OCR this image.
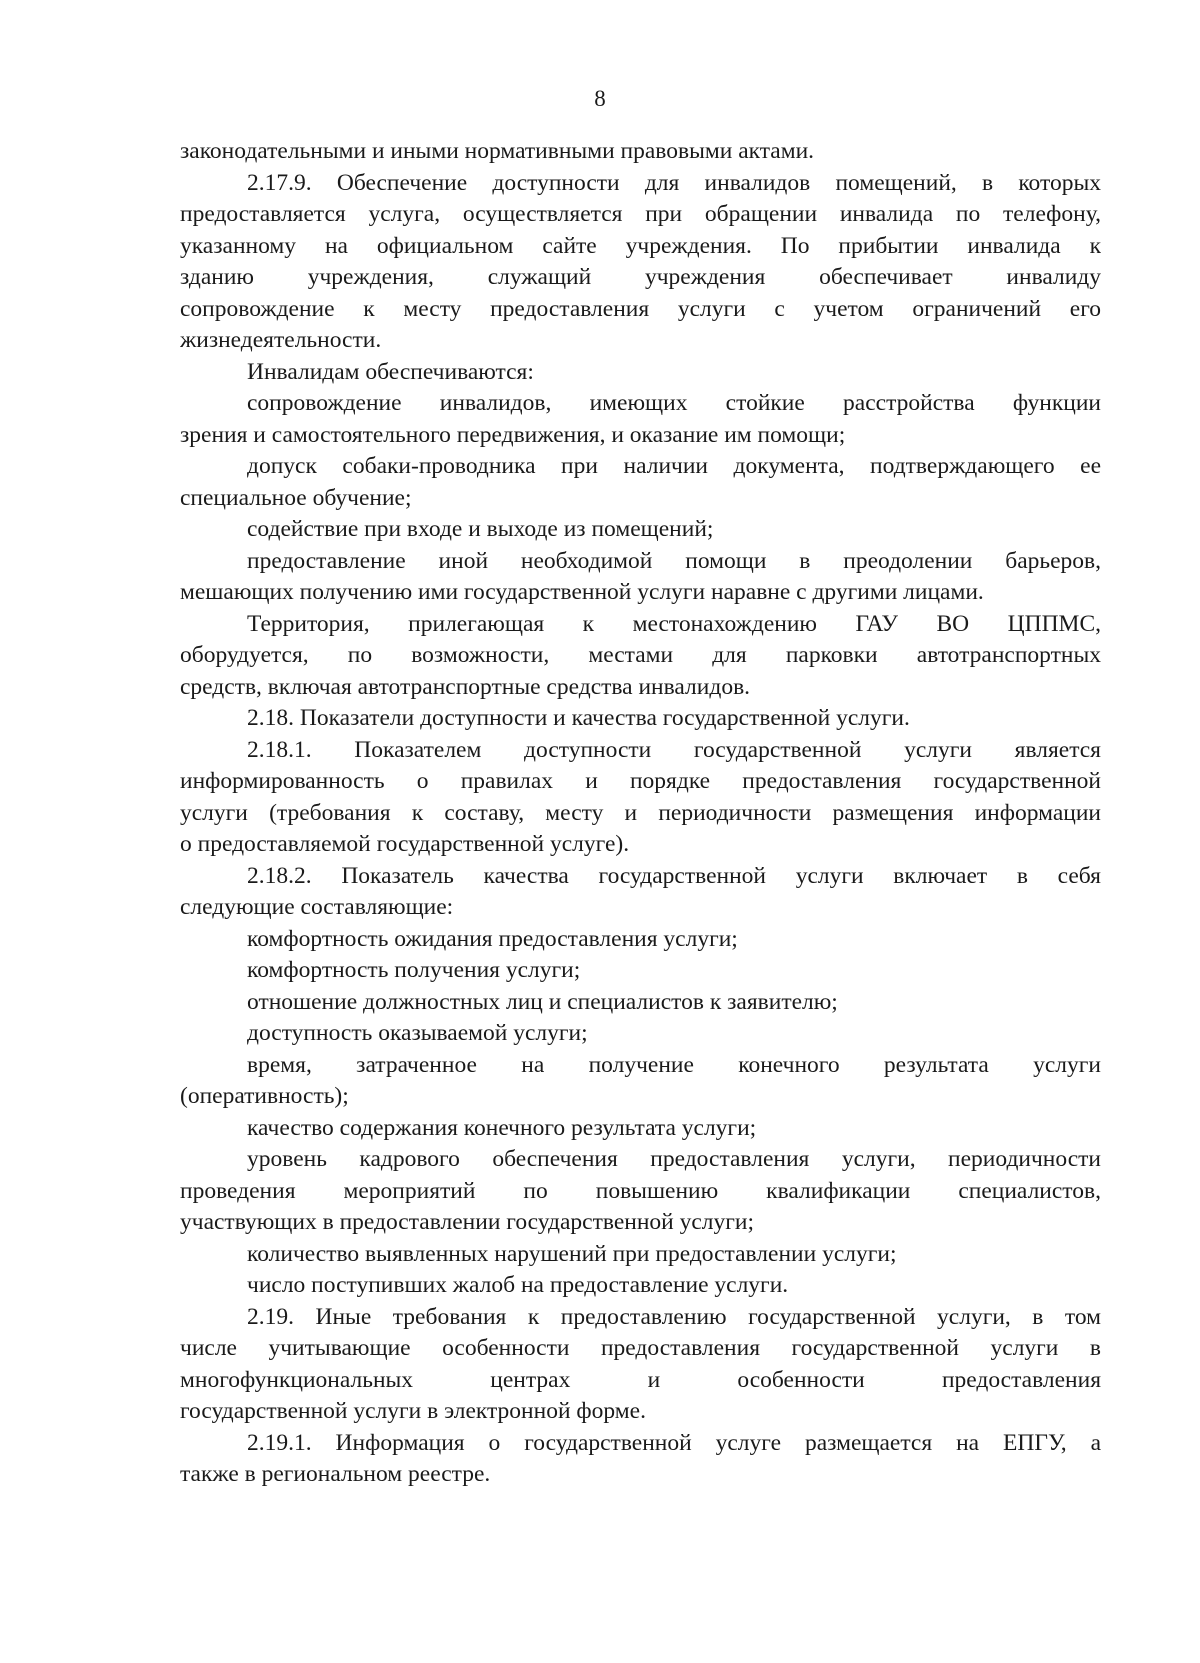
8
законодательными и иными нормативными правовыми актами.
2.17.9. Обеспечение доступности для инвалидов помещений, в которых
предоставляется услуга, осуществляется при обращении инвалида по телефону,
указанному на официальном сайте учреждения. По прибытии инвалида к
зданию учреждения, служащий учреждения обеспечивает инвалиду
сопровождение к месту предоставления услуги с учетом ограничений его
жизнедеятельности.
Инвалидам обеспечиваются:
сопровождение инвалидов, имеющих стойкие расстройства функции
зрения и самостоятельного передвижения, и оказание им помощи;
допуск собаки-проводника при наличии документа, подтверждающего ее
специальное обучение;
содействие при входе и выходе из помещений;
предоставление иной необходимой помощи в преодолении барьеров,
мешающих получению ими государственной услуги наравне с другими лицами.
Территория, прилегающая к местонахождению ГАУ ВО ЦППМС,
оборудуется, по возможности, местами для парковки автотранспортных
средств, включая автотранспортные средства инвалидов.
2.18. Показатели доступности и качества государственной услуги.
2.18.1. Показателем доступности государственной услуги является
информированность о правилах и порядке предоставления государственной
услуги (требования к составу, месту и периодичности размещения информации
о предоставляемой государственной услуге).
2.18.2. Показатель качества государственной услуги включает в себя
следующие составляющие:
комфортность ожидания предоставления услуги;
комфортность получения услуги;
отношение должностных лиц и специалистов к заявителю;
доступность оказываемой услуги;
время, затраченное на получение конечного результата услуги
(оперативность);
качество содержания конечного результата услуги;
уровень кадрового обеспечения предоставления услуги, периодичности
проведения мероприятий по повышению квалификации специалистов,
участвующих в предоставлении государственной услуги;
количество выявленных нарушений при предоставлении услуги;
число поступивших жалоб на предоставление услуги.
2.19. Иные требования к предоставлению государственной услуги, в том
числе учитывающие особенности предоставления государственной услуги в
многофункциональных центрах и особенности предоставления
государственной услуги в электронной форме.
2.19.1. Информация о государственной услуге размещается на ЕПГУ, а
также в региональном реестре.
